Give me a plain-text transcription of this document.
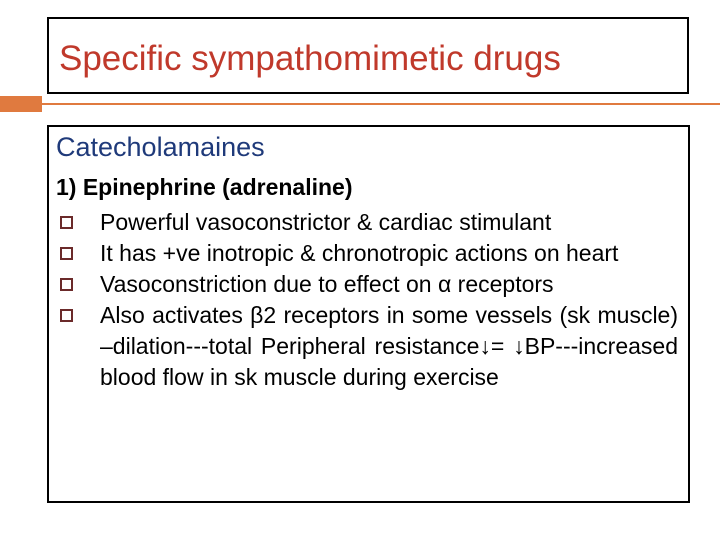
Specific sympathomimetic drugs
Catecholamaines
1) Epinephrine (adrenaline)
Powerful vasoconstrictor & cardiac stimulant
It has +ve inotropic & chronotropic actions on heart
Vasoconstriction due to effect on α receptors
Also activates β2 receptors in some vessels (sk muscle) –dilation---total Peripheral resistance↓= ↓BP---increased blood flow in sk muscle during exercise
